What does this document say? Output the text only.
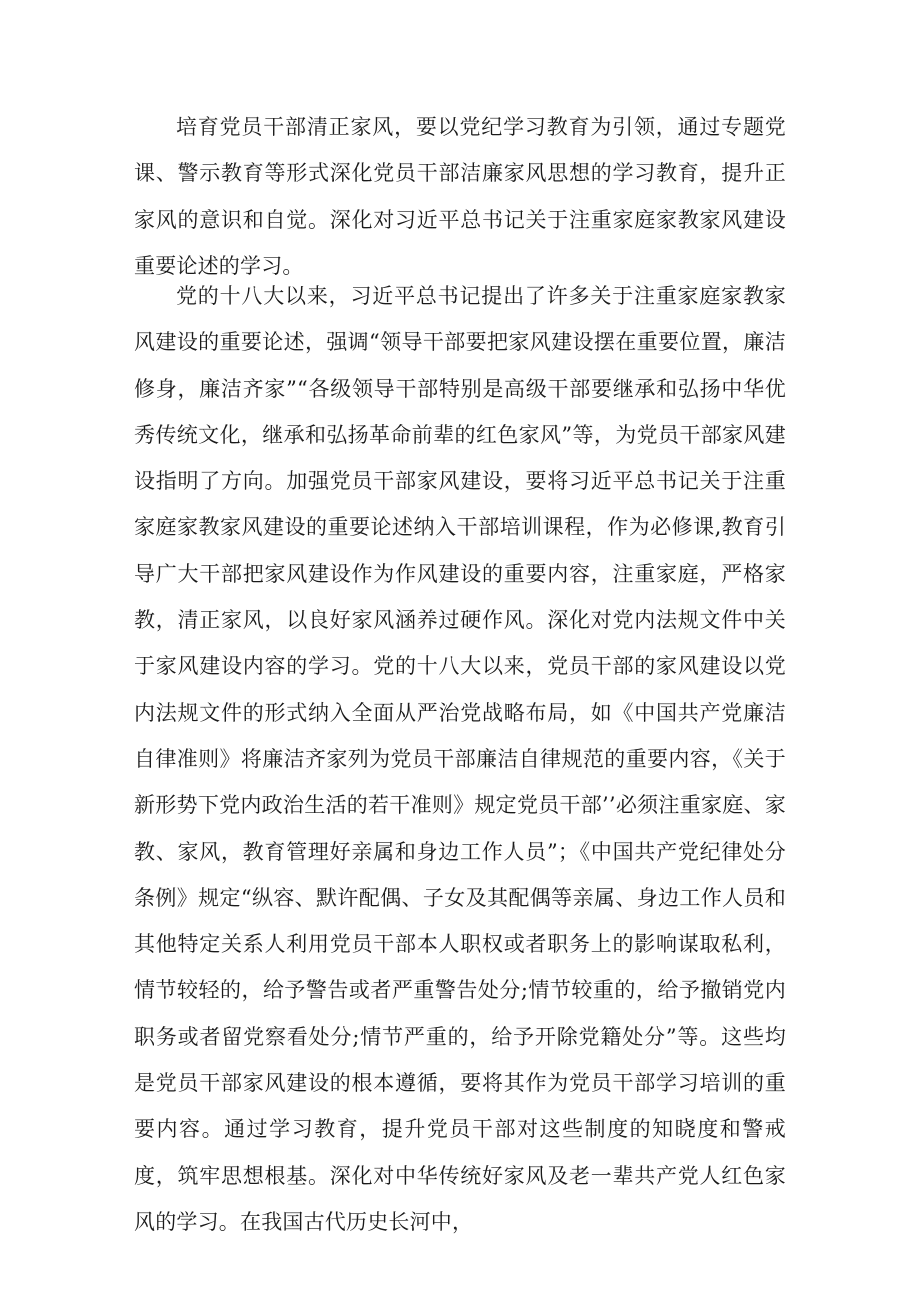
培育党员干部清正家风，要以党纪学习教育为引领，通过专题党课、警示教育等形式深化党员干部洁廉家风思想的学习教育，提升正家风的意识和自觉。深化对习近平总书记关于注重家庭家教家风建设重要论述的学习。

党的十八大以来，习近平总书记提出了许多关于注重家庭家教家风建设的重要论述，强调“领导干部要把家风建设摆在重要位置，廉洁修身，廉洁齐家”“各级领导干部特别是高级干部要继承和弘扬中华优秀传统文化，继承和弘扬革命前辈的红色家风”等，为党员干部家风建设指明了方向。加强党员干部家风建设，要将习近平总书记关于注重家庭家教家风建设的重要论述纳入干部培训课程，作为必修课,教育引导广大干部把家风建设作为作风建设的重要内容，注重家庭，严格家教，清正家风，以良好家风涵养过硬作风。深化对党内法规文件中关于家风建设内容的学习。党的十八大以来，党员干部的家风建设以党内法规文件的形式纳入全面从严治党战略布局，如《中国共产党廉洁自律准则》将廉洁齐家列为党员干部廉洁自律规范的重要内容，《关于新形势下党内政治生活的若干准则》规定党员干部’’必须注重家庭、家教、家风，教育管理好亲属和身边工作人员”；《中国共产党纪律处分条例》规定“纵容、默许配偶、子女及其配偶等亲属、身边工作人员和其他特定关系人利用党员干部本人职权或者职务上的影响谋取私利，情节较轻的，给予警告或者严重警告处分;情节较重的，给予撤销党内职务或者留党察看处分;情节严重的，给予开除党籍处分”等。这些均是党员干部家风建设的根本遵循，要将其作为党员干部学习培训的重要内容。通过学习教育，提升党员干部对这些制度的知晓度和警戒度，筑牢思想根基。深化对中华传统好家风及老一辈共产党人红色家风的学习。在我国古代历史长河中，
